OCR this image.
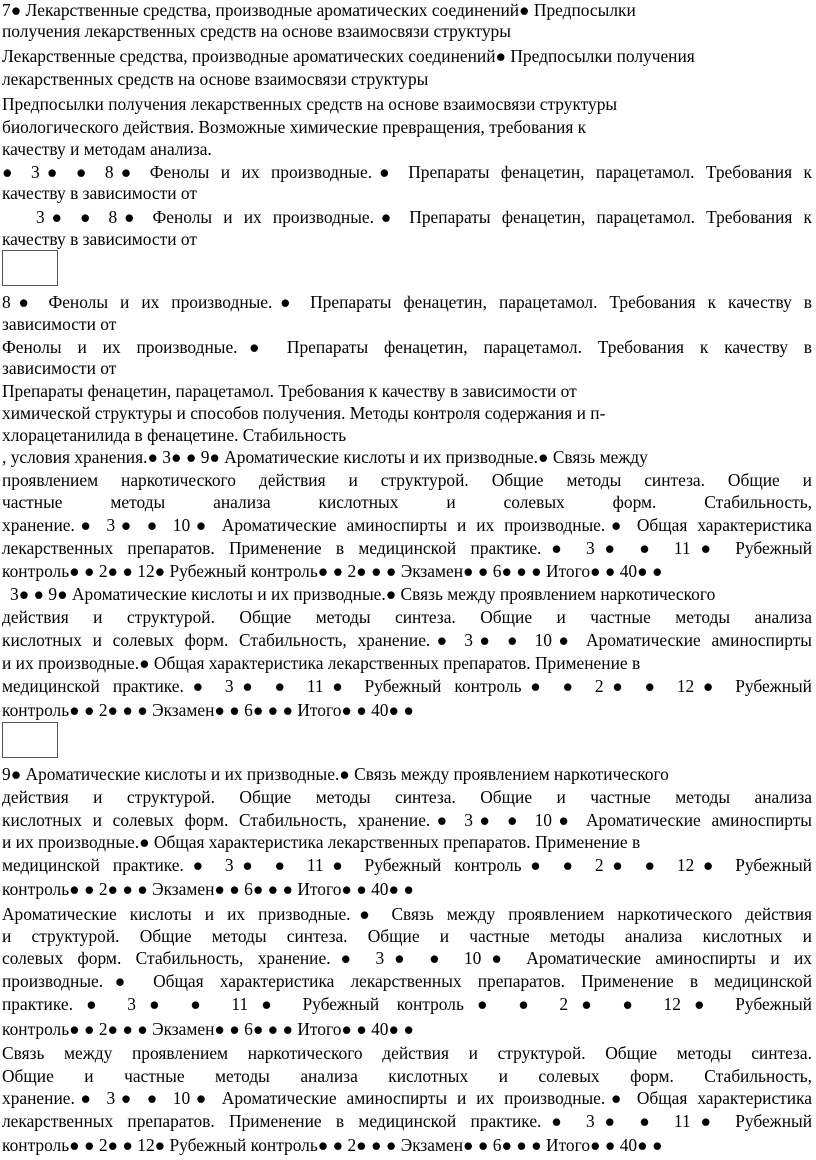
7● Лекарственные средства, производные ароматических соединений● Предпосылки
получения лекарственных средств на основе взаимосвязи структуры
Лекарственные средства, производные ароматических соединений● Предпосылки получения
лекарственных средств на основе взаимосвязи структуры
Предпосылки получения лекарственных средств на основе взаимосвязи структуры
биологического действия. Возможные химические превращения, требования к
качеству и методам анализа.
● 3● ● 8● Фенолы и их производные.● Препараты фенацетин, парацетамол. Требования к
качеству в зависимости от
3● ● 8● Фенолы и их производные.● Препараты фенацетин, парацетамол. Требования к
качеству в зависимости от
8● Фенолы и их производные.● Препараты фенацетин, парацетамол. Требования к качеству в
зависимости от
Фенолы и их производные.● Препараты фенацетин, парацетамол. Требования к качеству в
зависимости от
Препараты фенацетин, парацетамол. Требования к качеству в зависимости от
химической структуры и способов получения. Методы контроля содержания и п-
хлорацетанилида в фенацетине. Стабильность
, условия хранения.● 3● ● 9● Ароматические кислоты и их призводные.● Связь между
проявлением наркотического действия и структурой. Общие методы синтеза. Общие и
частные методы анализа кислотных и солевых форм. Стабильность,
хранение.● 3● ● 10● Ароматические аминоспирты и их производные.● Общая характеристика
лекарственных препаратов. Применение в медицинской практике.● 3● ● 11● Рубежный
контроль● ● 2● ● 12● Рубежный контроль● ● 2● ● ● Экзамен● ● 6● ● ● Итого● ● 40● ●
3● ● 9● Ароматические кислоты и их призводные.● Связь между проявлением наркотического
действия и структурой. Общие методы синтеза. Общие и частные методы анализа
кислотных и солевых форм. Стабильность, хранение.● 3● ● 10● Ароматические аминоспирты
и их производные.● Общая характеристика лекарственных препаратов. Применение в
медицинской практике.● 3● ● 11● Рубежный контроль● ● 2● ● 12● Рубежный
контроль● ● 2● ● ● Экзамен● ● 6● ● ● Итого● ● 40● ●
9● Ароматические кислоты и их призводные.● Связь между проявлением наркотического
действия и структурой. Общие методы синтеза. Общие и частные методы анализа
кислотных и солевых форм. Стабильность, хранение.● 3● ● 10● Ароматические аминоспирты
и их производные.● Общая характеристика лекарственных препаратов. Применение в
медицинской практике.● 3● ● 11● Рубежный контроль● ● 2● ● 12● Рубежный
контроль● ● 2● ● ● Экзамен● ● 6● ● ● Итого● ● 40● ●
Ароматические кислоты и их призводные.● Связь между проявлением наркотического действия
и структурой. Общие методы синтеза. Общие и частные методы анализа кислотных и
солевых форм. Стабильность, хранение.● 3● ● 10● Ароматические аминоспирты и их
производные.● Общая характеристика лекарственных препаратов. Применение в медицинской
практике.● 3● ● 11● Рубежный контроль● ● 2● ● 12● Рубежный
контроль● ● 2● ● ● Экзамен● ● 6● ● ● Итого● ● 40● ●
Связь между проявлением наркотического действия и структурой. Общие методы синтеза.
Общие и частные методы анализа кислотных и солевых форм. Стабильность,
хранение.● 3● ● 10● Ароматические аминоспирты и их производные.● Общая характеристика
лекарственных препаратов. Применение в медицинской практике.● 3● ● 11● Рубежный
контроль● ● 2● ● 12● Рубежный контроль● ● 2● ● ● Экзамен● ● 6● ● ● Итого● ● 40● ●
